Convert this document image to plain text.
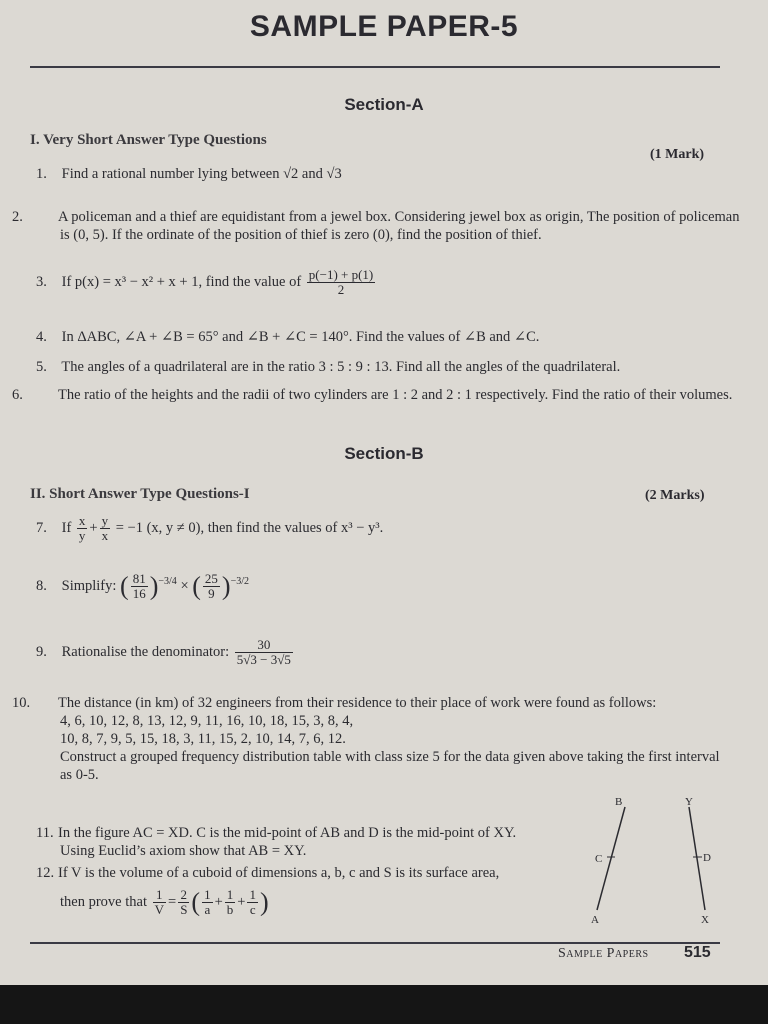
SAMPLE PAPER-5
Section-A
I. Very Short Answer Type Questions
(1 Mark)
1. Find a rational number lying between √2 and √3
2. A policeman and a thief are equidistant from a jewel box. Considering jewel box as origin, The position of policeman is (0, 5). If the ordinate of the position of thief is zero (0), find the position of thief.
3. If p(x) = x³ − x² + x + 1, find the value of $\frac{p(-1) + p(1)}{2}$
4. In ΔABC, ∠A + ∠B = 65° and ∠B + ∠C = 140°. Find the values of ∠B and ∠C.
5. The angles of a quadrilateral are in the ratio 3 : 5 : 9 : 13. Find all the angles of the quadrilateral.
6. The ratio of the heights and the radii of two cylinders are 1 : 2 and 2 : 1 respectively. Find the ratio of their volumes.
Section-B
II. Short Answer Type Questions-I	(2 Marks)
7. If $\frac{x}{y} + \frac{y}{x} = -1$ (x, y ≠ 0), then find the values of x³ − y³.
8. Simplify: ( $\frac{81}{16} )^{-3/4}$ × ( $\frac{25}{9} )^{-3/2}$
9. Rationalise the denominator: $\frac{30}{5√3 - 3√5}$
10. The distance (in km) of 32 engineers from their residence to their place of work were found as follows:
4, 6, 10, 12, 8, 13, 12, 9, 11, 16, 10, 18, 15, 3, 8, 4,
10, 8, 7, 9, 5, 15, 18, 3, 11, 15, 2, 10, 14, 7, 6, 12.
Construct a grouped frequency distribution table with class size 5 for the data given above taking the first interval as 0-5.
11. In the figure AC = XD. C is the mid-point of AB and D is the mid-point of XY.
Using Euclid’s axiom show that AB = XY.
12. If V is the volume of a cuboid of dimensions a, b, c and S is its surface area,
then prove that $\frac{1}{V} = \frac{2}{S}$ ( $\frac{1}{a} + \frac{1}{b} + \frac{1}{c}$ )
B
C
A
Y
D
X
Sample Papers 515
